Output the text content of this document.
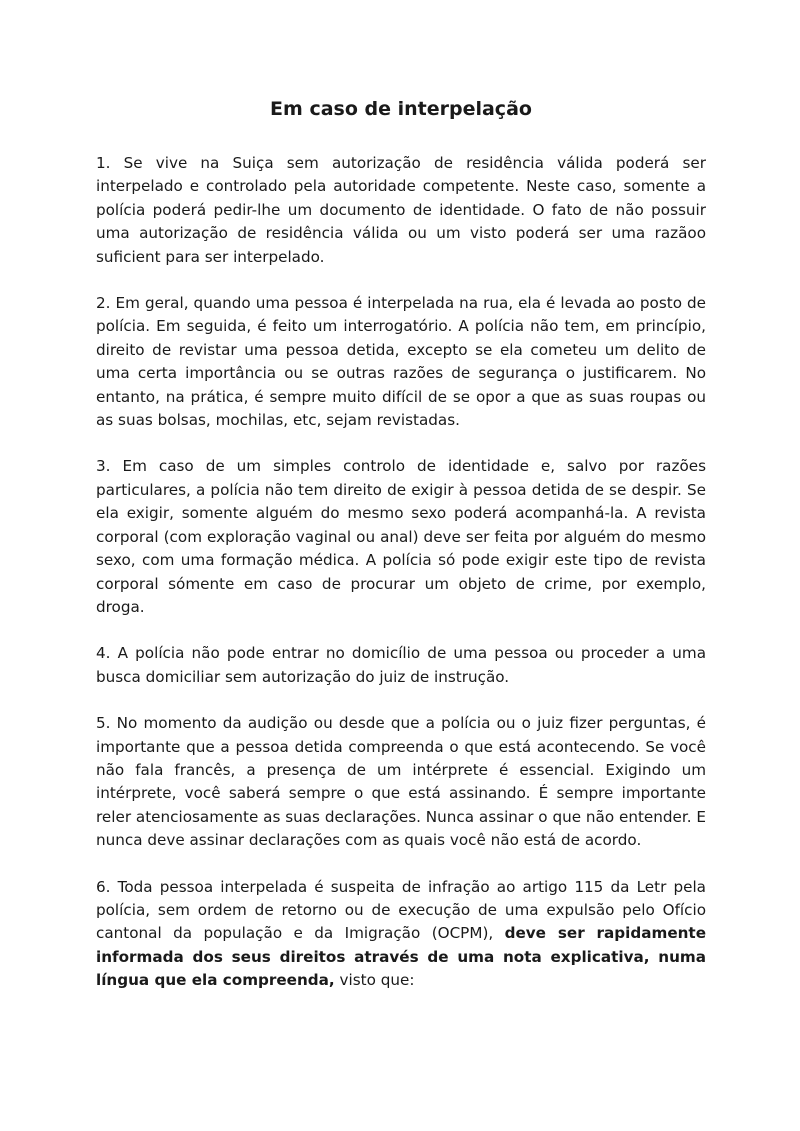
Em caso de interpelação

1. Se vive na Suiça sem autorização de residência válida poderá ser interpelado e controlado pela autoridade competente. Neste caso, somente a polícia poderá pedir-lhe um documento de identidade. O fato de não possuir uma autorização de residência válida ou um visto poderá ser uma razãoo suficient para ser interpelado.

2. Em geral, quando uma pessoa é interpelada na rua, ela é levada ao posto de polícia. Em seguida, é feito um interrogatório. A polícia não tem, em princípio, direito de revistar uma pessoa detida, excepto se ela cometeu um delito de uma certa importância ou se outras razões de segurança o justificarem. No entanto, na prática, é sempre muito difícil de se opor a que as suas roupas ou as suas bolsas, mochilas, etc, sejam revistadas.

3. Em caso de um simples controlo de identidade e, salvo por razões particulares, a polícia não tem direito de exigir à pessoa detida de se despir. Se ela exigir, somente alguém do mesmo sexo poderá acompanhá-la. A revista corporal (com exploração vaginal ou anal) deve ser feita por alguém do mesmo sexo, com uma formação médica. A polícia só pode exigir este tipo de revista corporal sómente em caso de procurar um objeto de crime, por exemplo, droga.

4. A polícia não pode entrar no domicílio de uma pessoa ou proceder a uma busca domiciliar sem autorização do juiz de instrução.

5. No momento da audição ou desde que a polícia ou o juiz fizer perguntas, é importante que a pessoa detida compreenda o que está acontecendo. Se você não fala francês, a presença de um intérprete é essencial. Exigindo um intérprete, você saberá sempre o que está assinando. É sempre importante reler atenciosamente as suas declarações. Nunca assinar o que não entender. E nunca deve assinar declarações com as quais você não está de acordo.

6. Toda pessoa interpelada é suspeita de infração ao artigo 115 da Letr pela polícia, sem ordem de retorno ou de execução de uma expulsão pelo Ofício cantonal da população e da Imigração (OCPM), deve ser rapidamente informada dos seus direitos através de uma nota explicativa, numa língua que ela compreenda, visto que:
